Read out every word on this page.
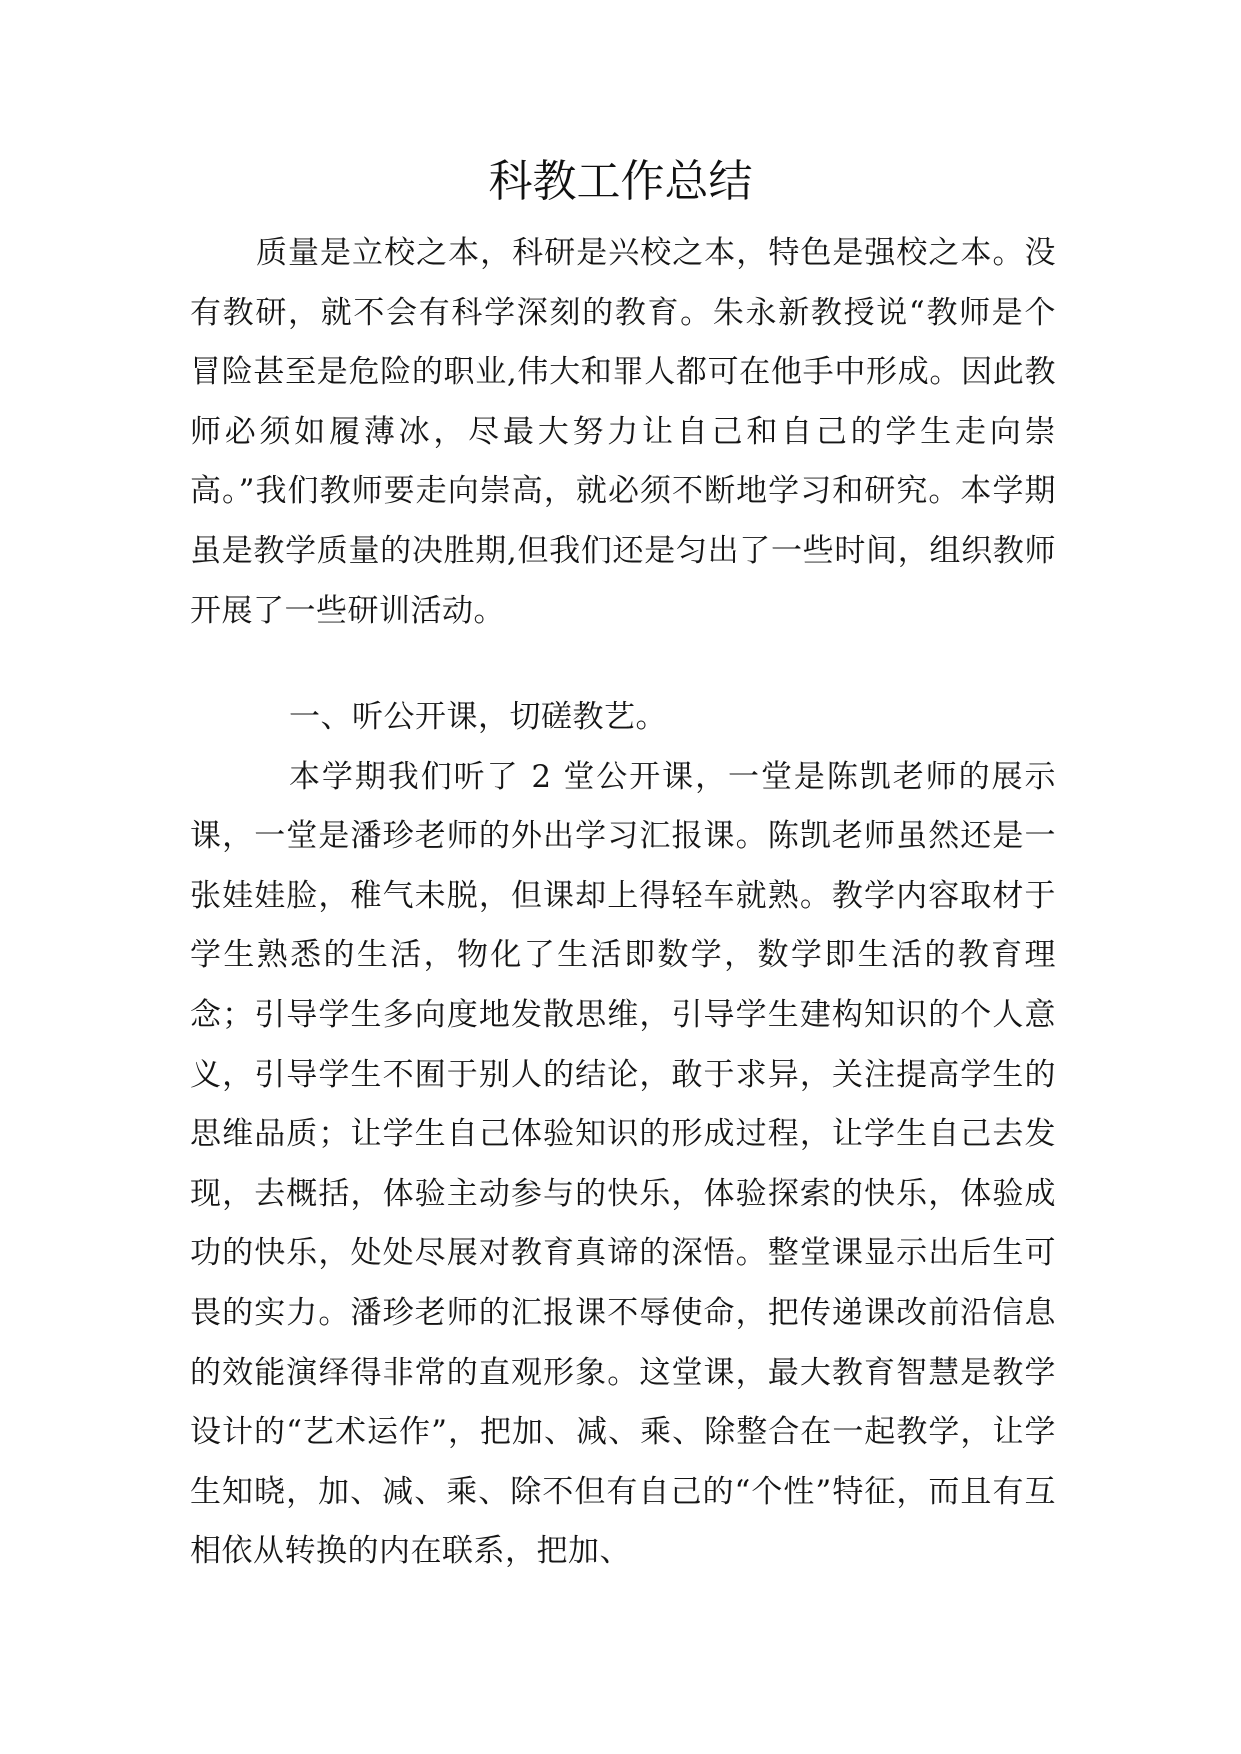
科教工作总结

质量是立校之本，科研是兴校之本，特色是强校之本。没有教研，就不会有科学深刻的教育。朱永新教授说“教师是个冒险甚至是危险的职业,伟大和罪人都可在他手中形成。因此教师必须如履薄冰，尽最大努力让自己和自己的学生走向崇高。”我们教师要走向崇高，就必须不断地学习和研究。本学期虽是教学质量的决胜期,但我们还是匀出了一些时间，组织教师开展了一些研训活动。

一、听公开课，切磋教艺。

本学期我们听了 2 堂公开课，一堂是陈凯老师的展示课，一堂是潘珍老师的外出学习汇报课。陈凯老师虽然还是一张娃娃脸，稚气未脱，但课却上得轻车就熟。教学内容取材于学生熟悉的生活，物化了生活即数学，数学即生活的教育理念；引导学生多向度地发散思维，引导学生建构知识的个人意义，引导学生不囿于别人的结论，敢于求异，关注提高学生的思维品质；让学生自己体验知识的形成过程，让学生自己去发现，去概括，体验主动参与的快乐，体验探索的快乐，体验成功的快乐，处处尽展对教育真谛的深悟。整堂课显示出后生可畏的实力。潘珍老师的汇报课不辱使命，把传递课改前沿信息的效能演绎得非常的直观形象。这堂课，最大教育智慧是教学设计的“艺术运作”，把加、减、乘、除整合在一起教学，让学生知晓，加、减、乘、除不但有自己的“个性”特征，而且有互相依从转换的内在联系，把加、
